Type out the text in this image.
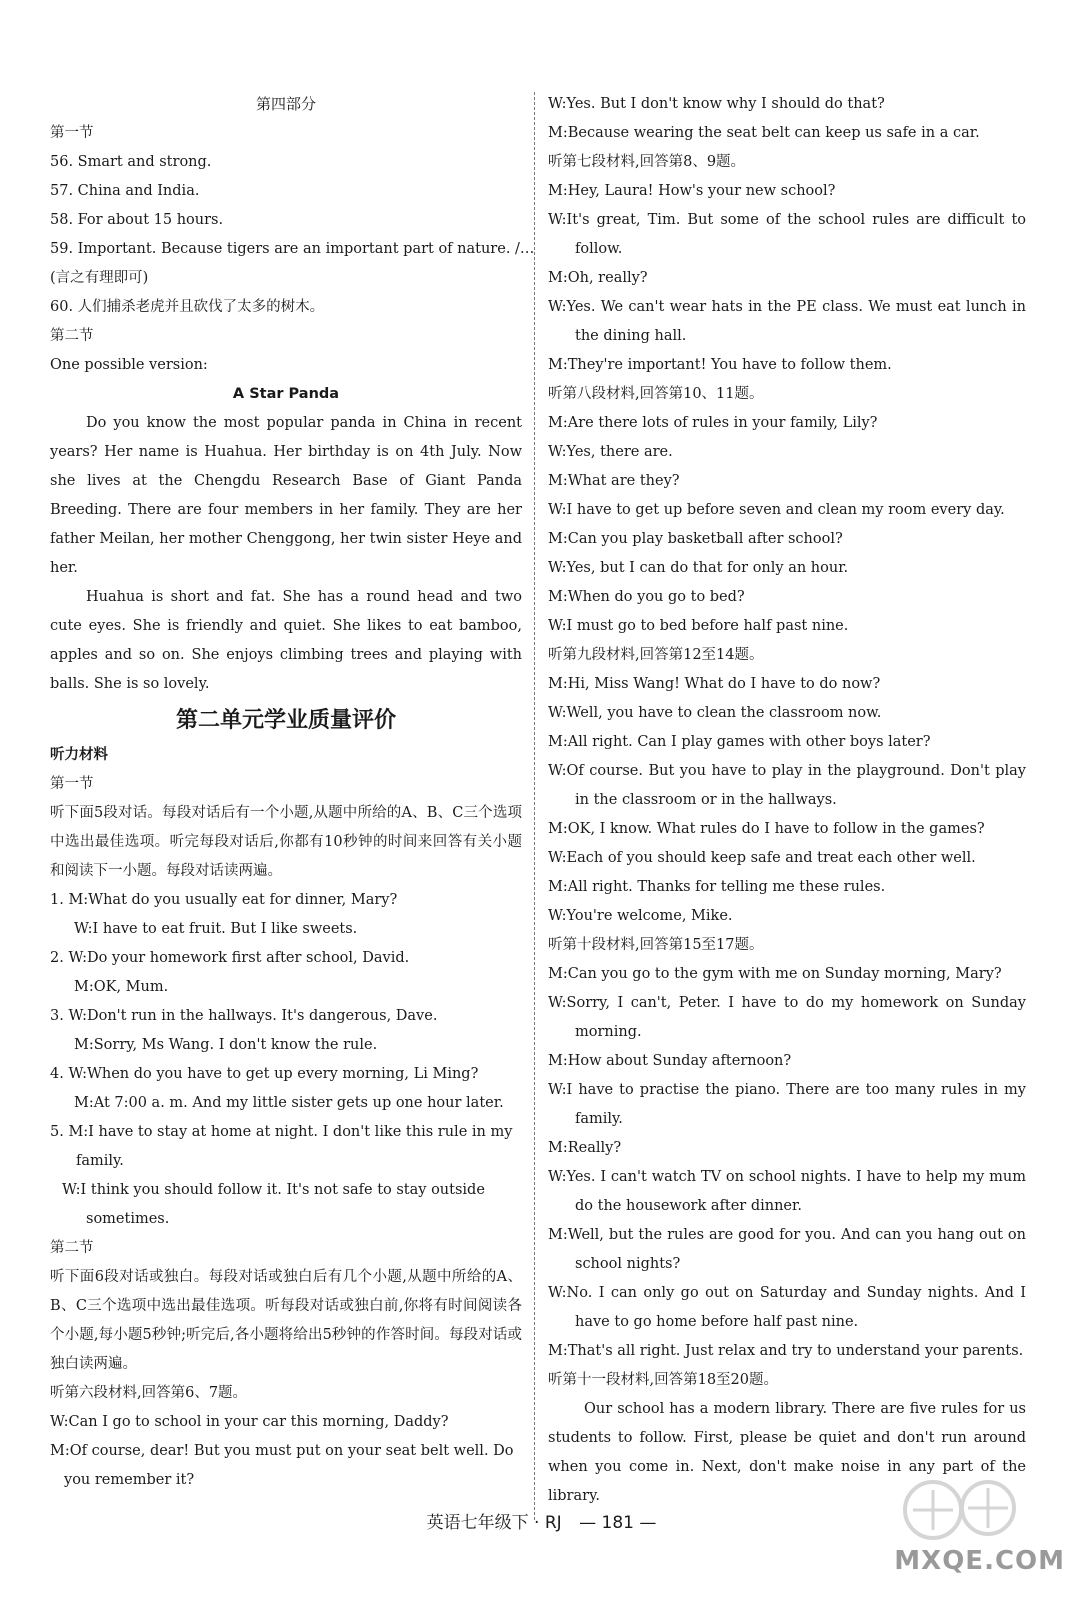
第四部分

第一节

56. Smart and strong.

57. China and India.

58. For about 15 hours.

59. Important. Because tigers are an important part of nature. /…

(言之有理即可)

60. 人们捕杀老虎并且砍伐了太多的树木。

第二节

One possible version:

A Star Panda

Do you know the most popular panda in China in recent years? Her name is Huahua. Her birthday is on 4th July. Now she lives at the Chengdu Research Base of Giant Panda Breeding. There are four members in her family. They are her father Meilan, her mother Chenggong, her twin sister Heye and her.

Huahua is short and fat. She has a round head and two cute eyes. She is friendly and quiet. She likes to eat bamboo, apples and so on. She enjoys climbing trees and playing with balls. She is so lovely.

第二单元学业质量评价

听力材料

第一节

听下面5段对话。每段对话后有一个小题,从题中所给的A、B、C三个选项中选出最佳选项。听完每段对话后,你都有10秒钟的时间来回答有关小题和阅读下一小题。每段对话读两遍。

1. M:What do you usually eat for dinner, Mary?

W:I have to eat fruit. But I like sweets.

2. W:Do your homework first after school, David.

M:OK, Mum.

3. W:Don't run in the hallways. It's dangerous, Dave.

M:Sorry, Ms Wang. I don't know the rule.

4. W:When do you have to get up every morning, Li Ming?

M:At 7:00 a. m. And my little sister gets up one hour later.

5. M:I have to stay at home at night. I don't like this rule in my family.

W:I think you should follow it. It's not safe to stay outside sometimes.

第二节

听下面6段对话或独白。每段对话或独白后有几个小题,从题中所给的A、B、C三个选项中选出最佳选项。听每段对话或独白前,你将有时间阅读各个小题,每小题5秒钟;听完后,各小题将给出5秒钟的作答时间。每段对话或独白读两遍。

听第六段材料,回答第6、7题。

W:Can I go to school in your car this morning, Daddy?

M:Of course, dear! But you must put on your seat belt well. Do you remember it?

W:Yes. But I don't know why I should do that?

M:Because wearing the seat belt can keep us safe in a car.

听第七段材料,回答第8、9题。

M:Hey, Laura! How's your new school?

W:It's great, Tim. But some of the school rules are difficult to follow.

M:Oh, really?

W:Yes. We can't wear hats in the PE class. We must eat lunch in the dining hall.

M:They're important! You have to follow them.

听第八段材料,回答第10、11题。

M:Are there lots of rules in your family, Lily?

W:Yes, there are.

M:What are they?

W:I have to get up before seven and clean my room every day.

M:Can you play basketball after school?

W:Yes, but I can do that for only an hour.

M:When do you go to bed?

W:I must go to bed before half past nine.

听第九段材料,回答第12至14题。

M:Hi, Miss Wang! What do I have to do now?

W:Well, you have to clean the classroom now.

M:All right. Can I play games with other boys later?

W:Of course. But you have to play in the playground. Don't play in the classroom or in the hallways.

M:OK, I know. What rules do I have to follow in the games?

W:Each of you should keep safe and treat each other well.

M:All right. Thanks for telling me these rules.

W:You're welcome, Mike.

听第十段材料,回答第15至17题。

M:Can you go to the gym with me on Sunday morning, Mary?

W:Sorry, I can't, Peter. I have to do my homework on Sunday morning.

M:How about Sunday afternoon?

W:I have to practise the piano. There are too many rules in my family.

M:Really?

W:Yes. I can't watch TV on school nights. I have to help my mum do the housework after dinner.

M:Well, but the rules are good for you. And can you hang out on school nights?

W:No. I can only go out on Saturday and Sunday nights. And I have to go home before half past nine.

M:That's all right. Just relax and try to understand your parents.

听第十一段材料,回答第18至20题。

Our school has a modern library. There are five rules for us students to follow. First, please be quiet and don't run around when you come in. Next, don't make noise in any part of the library.

英语七年级下 · RJ — 181 —
MXQE.COM
